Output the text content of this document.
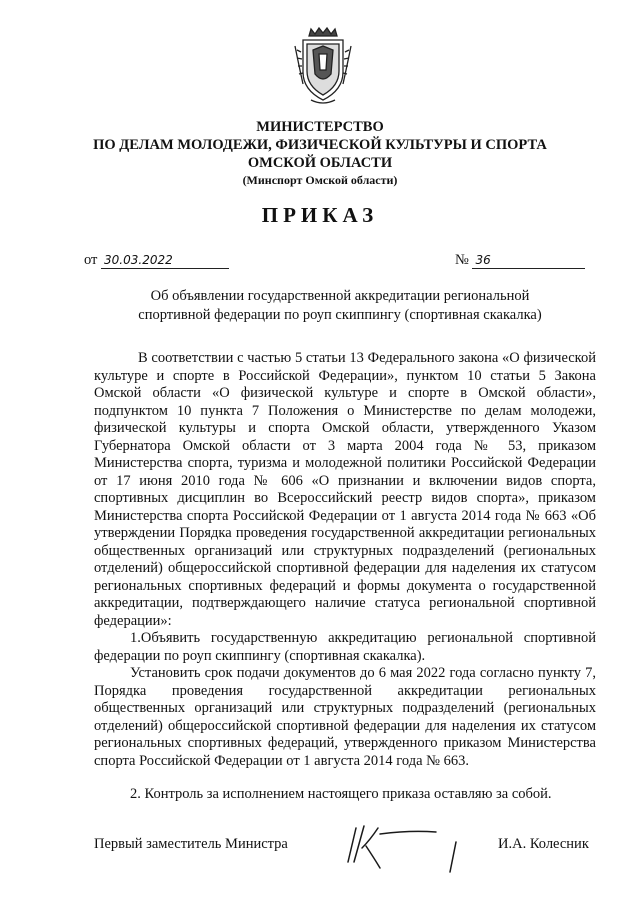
МИНИСТЕРСТВО
ПО ДЕЛАМ МОЛОДЕЖИ, ФИЗИЧЕСКОЙ КУЛЬТУРЫ И СПОРТА
ОМСКОЙ ОБЛАСТИ
(Минспорт Омской области)
ПРИКАЗ
от 30.03.2022	№ 36
Об объявлении государственной аккредитации региональной
спортивной федерации по роуп скиппингу (спортивная скакалка)

В соответствии с частью 5 статьи 13 Федерального закона «О физической культуре и спорте в Российской Федерации», пунктом 10 статьи 5 Закона Омской области «О физической культуре и спорте в Омской области», подпунктом 10 пункта 7 Положения о Министерстве по делам молодежи, физической культуры и спорта Омской области, утвержденного Указом Губернатора Омской области от 3 марта 2004 года № 53, приказом Министерства спорта, туризма и молодежной политики Российской Федерации от 17 июня 2010 года № 606 «О признании и включении видов спорта, спортивных дисциплин во Всероссийский реестр видов спорта», приказом Министерства спорта Российской Федерации от 1 августа 2014 года № 663 «Об утверждении Порядка проведения государственной аккредитации региональных общественных организаций или структурных подразделений (региональных отделений) общероссийской спортивной федерации для наделения их статусом региональных спортивных федераций и формы документа о государственной аккредитации, подтверждающего наличие статуса региональной спортивной федерации»:

1.Объявить государственную аккредитацию региональной спортивной федерации по роуп скиппингу (спортивная скакалка).

Установить срок подачи документов до 6 мая 2022 года согласно пункту 7, Порядка проведения государственной аккредитации региональных общественных организаций или структурных подразделений (региональных отделений) общероссийской спортивной федерации для наделения их статусом региональных спортивных федераций, утвержденного приказом Министерства спорта Российской Федерации от 1 августа 2014 года № 663.

2. Контроль за исполнением настоящего приказа оставляю за собой.

Первый заместитель Министра	И.А. Колесник
